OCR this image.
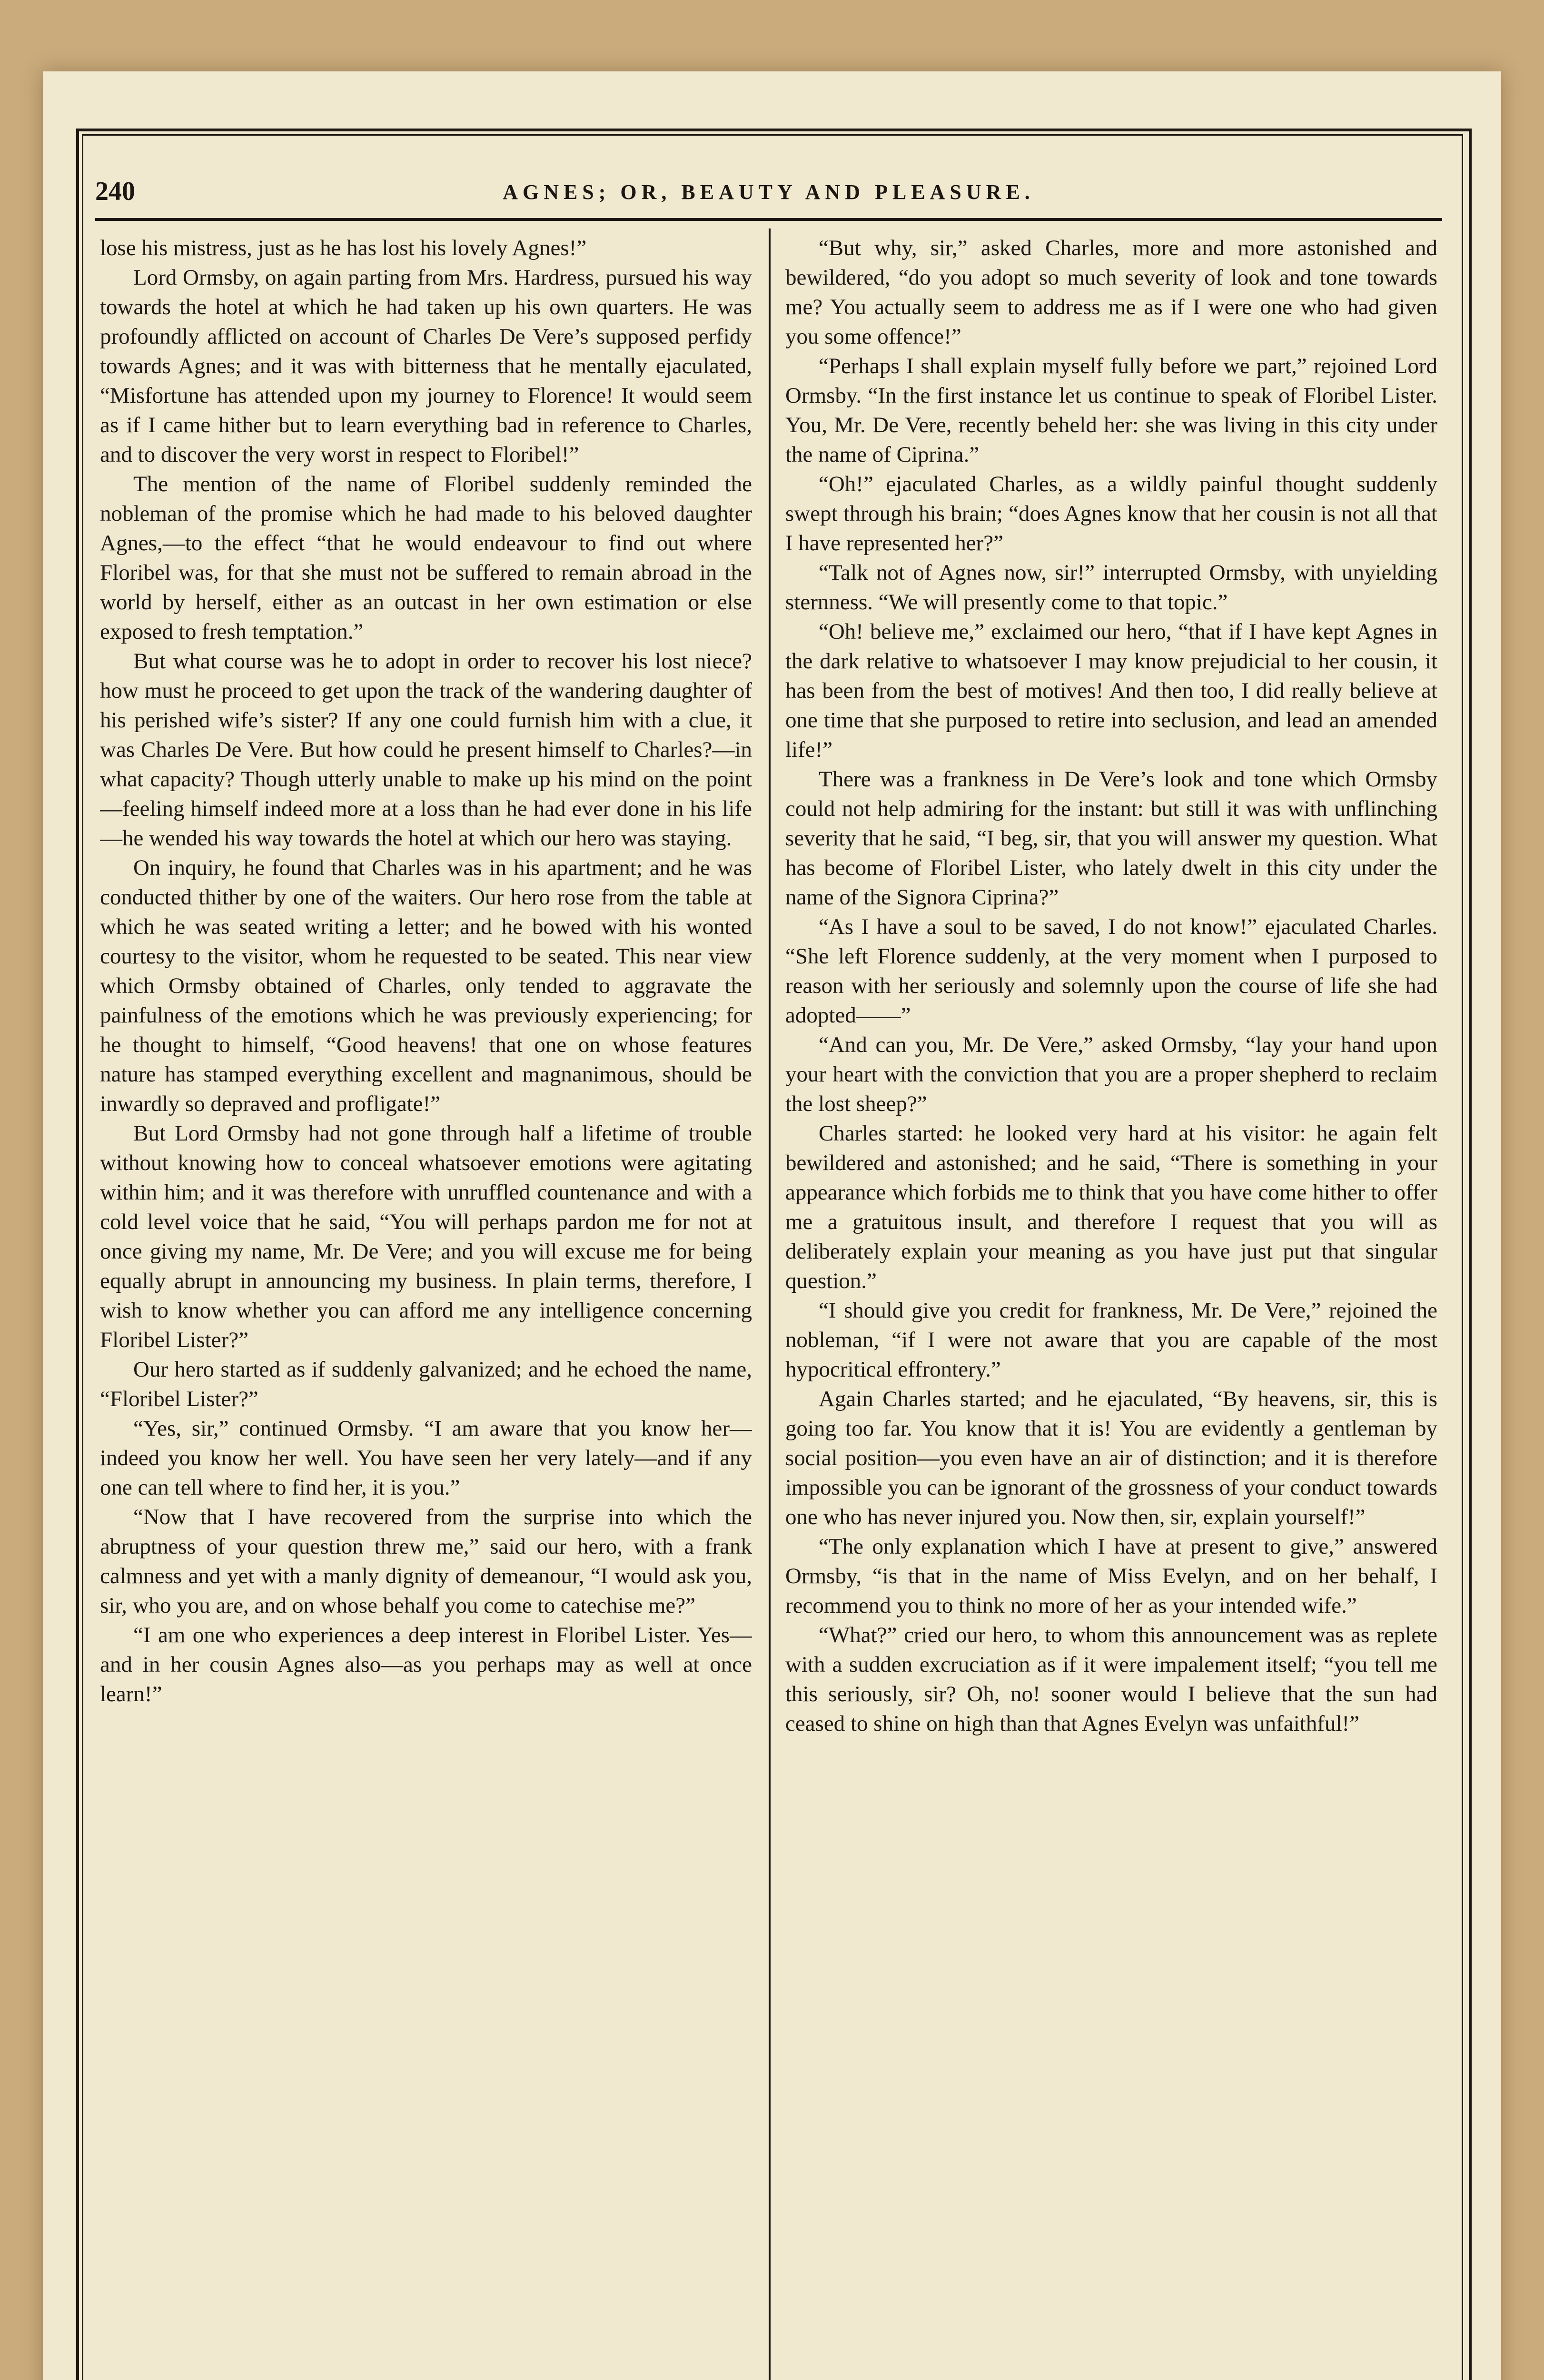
240	AGNES; OR, BEAUTY AND PLEASURE.

lose his mistress, just as he has lost his lovely Agnes!”

Lord Ormsby, on again parting from Mrs. Hardress, pursued his way towards the hotel at which he had taken up his own quarters. He was profoundly afflicted on account of Charles De Vere’s supposed perfidy towards Agnes; and it was with bitterness that he mentally ejaculated, “Misfortune has attended upon my journey to Florence! It would seem as if I came hither but to learn everything bad in reference to Charles, and to discover the very worst in respect to Floribel!”

The mention of the name of Floribel suddenly reminded the nobleman of the promise which he had made to his beloved daughter Agnes,—to the effect “that he would endeavour to find out where Floribel was, for that she must not be suffered to remain abroad in the world by herself, either as an outcast in her own estimation or else exposed to fresh temptation.”

But what course was he to adopt in order to recover his lost niece? how must he proceed to get upon the track of the wandering daughter of his perished wife’s sister? If any one could furnish him with a clue, it was Charles De Vere. But how could he present himself to Charles?—in what capacity? Though utterly unable to make up his mind on the point—feeling himself indeed more at a loss than he had ever done in his life—he wended his way towards the hotel at which our hero was staying.

On inquiry, he found that Charles was in his apartment; and he was conducted thither by one of the waiters. Our hero rose from the table at which he was seated writing a letter; and he bowed with his wonted courtesy to the visitor, whom he requested to be seated. This near view which Ormsby obtained of Charles, only tended to aggravate the painfulness of the emotions which he was previously experiencing; for he thought to himself, “Good heavens! that one on whose features nature has stamped everything excellent and magnanimous, should be inwardly so depraved and profligate!”

But Lord Ormsby had not gone through half a lifetime of trouble without knowing how to conceal whatsoever emotions were agitating within him; and it was therefore with unruffled countenance and with a cold level voice that he said, “You will perhaps pardon me for not at once giving my name, Mr. De Vere; and you will excuse me for being equally abrupt in announcing my business. In plain terms, therefore, I wish to know whether you can afford me any intelligence concerning Floribel Lister?”

Our hero started as if suddenly galvanized; and he echoed the name, “Floribel Lister?”

“Yes, sir,” continued Ormsby. “I am aware that you know her—indeed you know her well. You have seen her very lately—and if any one can tell where to find her, it is you.”

“Now that I have recovered from the surprise into which the abruptness of your question threw me,” said our hero, with a frank calmness and yet with a manly dignity of demeanour, “I would ask you, sir, who you are, and on whose behalf you come to catechise me?”

“I am one who experiences a deep interest in Floribel Lister. Yes—and in her cousin Agnes also—as you perhaps may as well at once learn!”

“But why, sir,” asked Charles, more and more astonished and bewildered, “do you adopt so much severity of look and tone towards me? You actually seem to address me as if I were one who had given you some offence!”

“Perhaps I shall explain myself fully before we part,” rejoined Lord Ormsby. “In the first instance let us continue to speak of Floribel Lister. You, Mr. De Vere, recently beheld her: she was living in this city under the name of Ciprina.”

“Oh!” ejaculated Charles, as a wildly painful thought suddenly swept through his brain; “does Agnes know that her cousin is not all that I have represented her?”

“Talk not of Agnes now, sir!” interrupted Ormsby, with unyielding sternness. “We will presently come to that topic.”

“Oh! believe me,” exclaimed our hero, “that if I have kept Agnes in the dark relative to whatsoever I may know prejudicial to her cousin, it has been from the best of motives! And then too, I did really believe at one time that she purposed to retire into seclusion, and lead an amended life!”

There was a frankness in De Vere’s look and tone which Ormsby could not help admiring for the instant: but still it was with unflinching severity that he said, “I beg, sir, that you will answer my question. What has become of Floribel Lister, who lately dwelt in this city under the name of the Signora Ciprina?”

“As I have a soul to be saved, I do not know!” ejaculated Charles. “She left Florence suddenly, at the very moment when I purposed to reason with her seriously and solemnly upon the course of life she had adopted——”

“And can you, Mr. De Vere,” asked Ormsby, “lay your hand upon your heart with the conviction that you are a proper shepherd to reclaim the lost sheep?”

Charles started: he looked very hard at his visitor: he again felt bewildered and astonished; and he said, “There is something in your appearance which forbids me to think that you have come hither to offer me a gratuitous insult, and therefore I request that you will as deliberately explain your meaning as you have just put that singular question.”

“I should give you credit for frankness, Mr. De Vere,” rejoined the nobleman, “if I were not aware that you are capable of the most hypocritical effrontery.”

Again Charles started; and he ejaculated, “By heavens, sir, this is going too far. You know that it is! You are evidently a gentleman by social position—you even have an air of distinction; and it is therefore impossible you can be ignorant of the grossness of your conduct towards one who has never injured you. Now then, sir, explain yourself!”

“The only explanation which I have at present to give,” answered Ormsby, “is that in the name of Miss Evelyn, and on her behalf, I recommend you to think no more of her as your intended wife.”

“What?” cried our hero, to whom this announcement was as replete with a sudden excruciation as if it were impalement itself; “you tell me this seriously, sir? Oh, no! sooner would I believe that the sun had ceased to shine on high than that Agnes Evelyn was unfaithful!”
